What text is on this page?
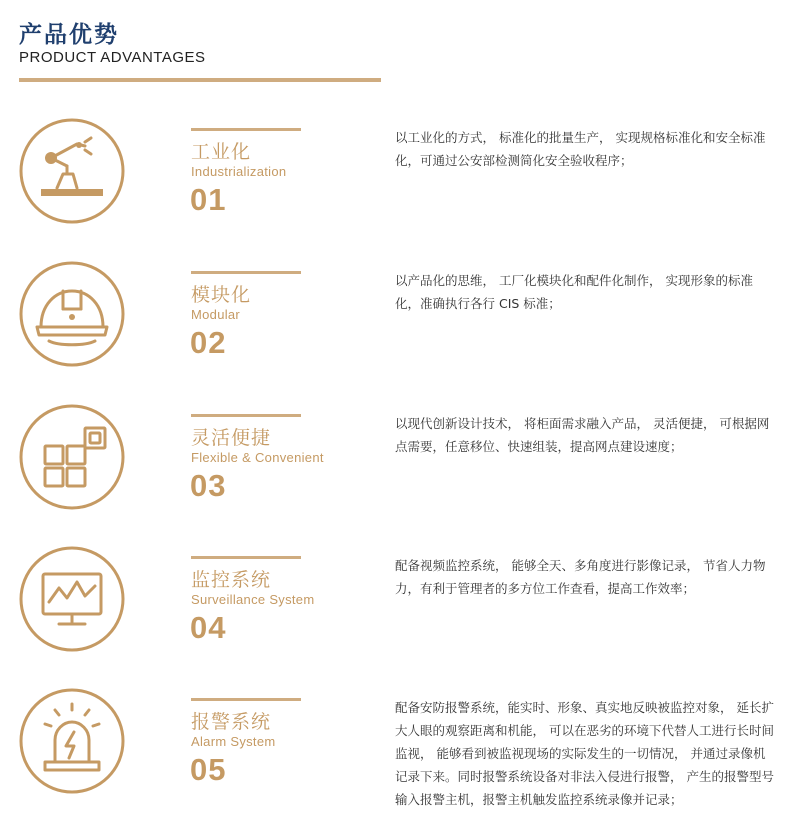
产品优势
PRODUCT ADVANTAGES
工业化
Industrialization
01
以工业化的方式， 标准化的批量生产， 实现规格标准化和安全标准化，可通过公安部检测简化安全验收程序；
模块化
Modular
02
以产品化的思维， 工厂化模块化和配件化制作， 实现形象的标准化，准确执行各行 CIS 标准；
灵活便捷
Flexible & Convenient
03
以现代创新设计技术， 将柜面需求融入产品， 灵活便捷， 可根据网点需要，任意移位、快速组装，提高网点建设速度；
监控系统
Surveillance System
04
配备视频监控系统， 能够全天、多角度进行影像记录， 节省人力物力，有利于管理者的多方位工作查看，提高工作效率；
报警系统
Alarm System
05
配备安防报警系统，能实时、形象、真实地反映被监控对象， 延长扩大人眼的观察距离和机能， 可以在恶劣的环境下代替人工进行长时间监视， 能够看到被监视现场的实际发生的一切情况， 并通过录像机记录下来。同时报警系统设备对非法入侵进行报警， 产生的报警型号输入报警主机，报警主机触发监控系统录像并记录；
